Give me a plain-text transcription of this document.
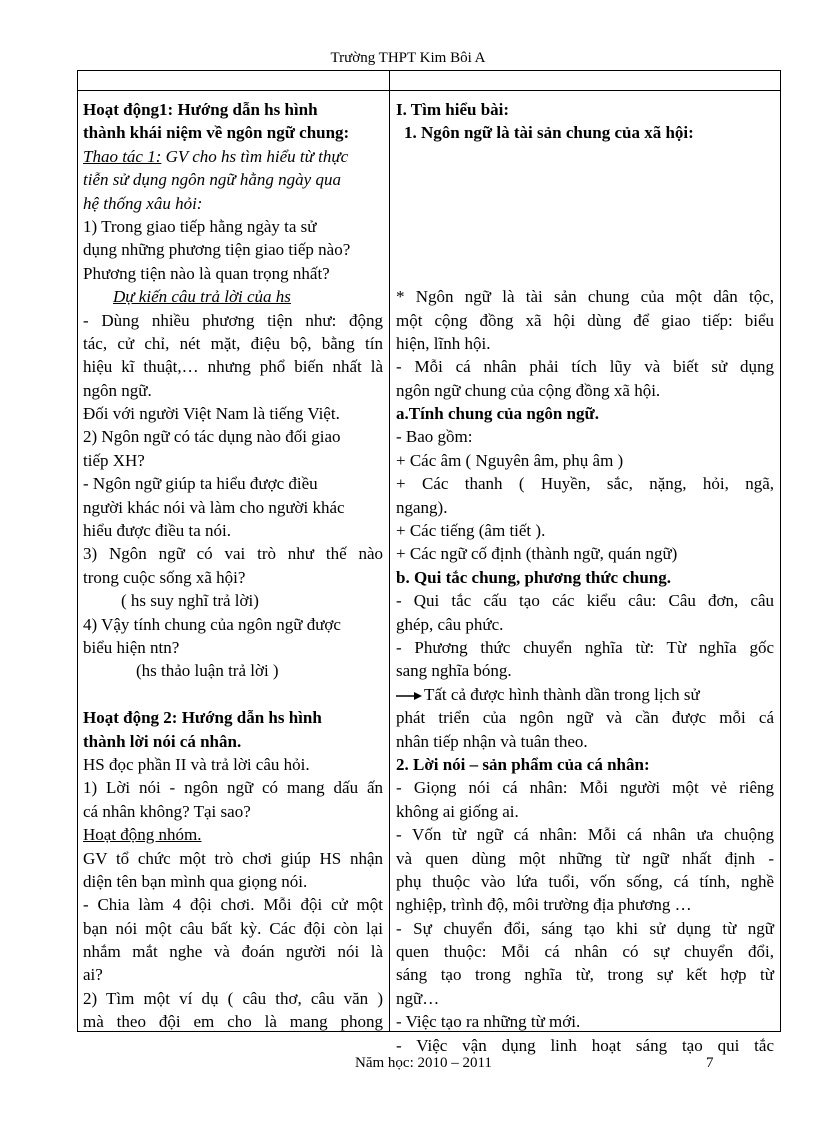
Trường THPT Kim Bôi A
Hoạt động1: Hướng dẫn hs hình
thành khái niệm về ngôn ngữ chung:
Thao tác 1: GV cho hs tìm hiểu từ thực
tiễn sử dụng ngôn ngữ hằng ngày qua
hệ thống xâu hỏi:
1) Trong giao tiếp hằng ngày ta sử
dụng những phương tiện giao tiếp nào?
Phương tiện nào là quan trọng nhất?
Dự kiến câu trả lời của hs
- Dùng nhiều phương tiện như: động
tác, cử chỉ, nét mặt, điệu bộ, bằng tín
hiệu kĩ thuật,… nhưng phổ biến nhất là
ngôn ngữ.
Đối với người Việt Nam là tiếng Việt.
2) Ngôn ngữ có tác dụng nào đối giao
tiếp XH?
- Ngôn ngữ giúp ta hiểu được điều
người khác nói và làm cho người khác
hiểu được điều ta nói.
3) Ngôn ngữ có vai trò như thế nào
trong cuộc sống xã hội?
( hs suy nghĩ trả lời)
4) Vậy tính chung của ngôn ngữ được
biểu hiện ntn?
(hs thảo luận trả lời )
Hoạt động 2: Hướng dẫn hs hình
thành lời nói cá nhân.
HS đọc phần II và trả lời câu hỏi.
1) Lời nói - ngôn ngữ có mang dấu ấn
cá nhân không? Tại sao?
Hoạt động nhóm.
GV tổ chức một trò chơi giúp HS nhận
diện tên bạn mình qua giọng nói.
- Chia làm 4 đội chơi. Mỗi đội cử một
bạn nói một câu bất kỳ. Các đội còn lại
nhắm mắt nghe và đoán người nói là
ai?
2) Tìm một ví dụ ( câu thơ, câu văn )
mà theo đội em cho là mang phong
I. Tìm hiểu bài:
1. Ngôn ngữ là tài sản chung của xã hội:
* Ngôn ngữ là tài sản chung của một dân tộc,
một cộng đồng xã hội dùng để giao tiếp: biểu
hiện, lĩnh hội.
- Mỗi cá nhân phải tích lũy và biết sử dụng
ngôn ngữ chung của cộng đồng xã hội.
a.Tính chung của ngôn ngữ.
- Bao gồm:
+ Các âm ( Nguyên âm, phụ âm )
+ Các thanh ( Huyền, sắc, nặng, hỏi, ngã,
ngang).
+ Các tiếng (âm tiết ).
+ Các ngữ cố định (thành ngữ, quán ngữ)
b. Qui tắc chung, phương thức chung.
- Qui tắc cấu tạo các kiểu câu: Câu đơn, câu
ghép, câu phức.
- Phương thức chuyển nghĩa từ: Từ nghĩa gốc
sang nghĩa bóng.
Tất cả được hình thành dần trong lịch sử
phát triển của ngôn ngữ và cần được mỗi cá
nhân tiếp nhận và tuân theo.
2. Lời nói – sản phẩm của cá nhân:
- Giọng nói cá nhân: Mỗi người một vẻ riêng
không ai giống ai.
- Vốn từ ngữ cá nhân: Mỗi cá nhân ưa chuộng
và quen dùng một những từ ngữ nhất định -
phụ thuộc vào lứa tuổi, vốn sống, cá tính, nghề
nghiệp, trình độ, môi trường địa phương …
- Sự chuyển đổi, sáng tạo khi sử dụng từ ngữ
quen thuộc: Mỗi cá nhân có sự chuyển đổi,
sáng tạo trong nghĩa từ, trong sự kết hợp từ
ngữ…
- Việc tạo ra những từ mới.
- Việc vận dụng linh hoạt sáng tạo qui tắc
Năm học: 2010 – 2011	7
